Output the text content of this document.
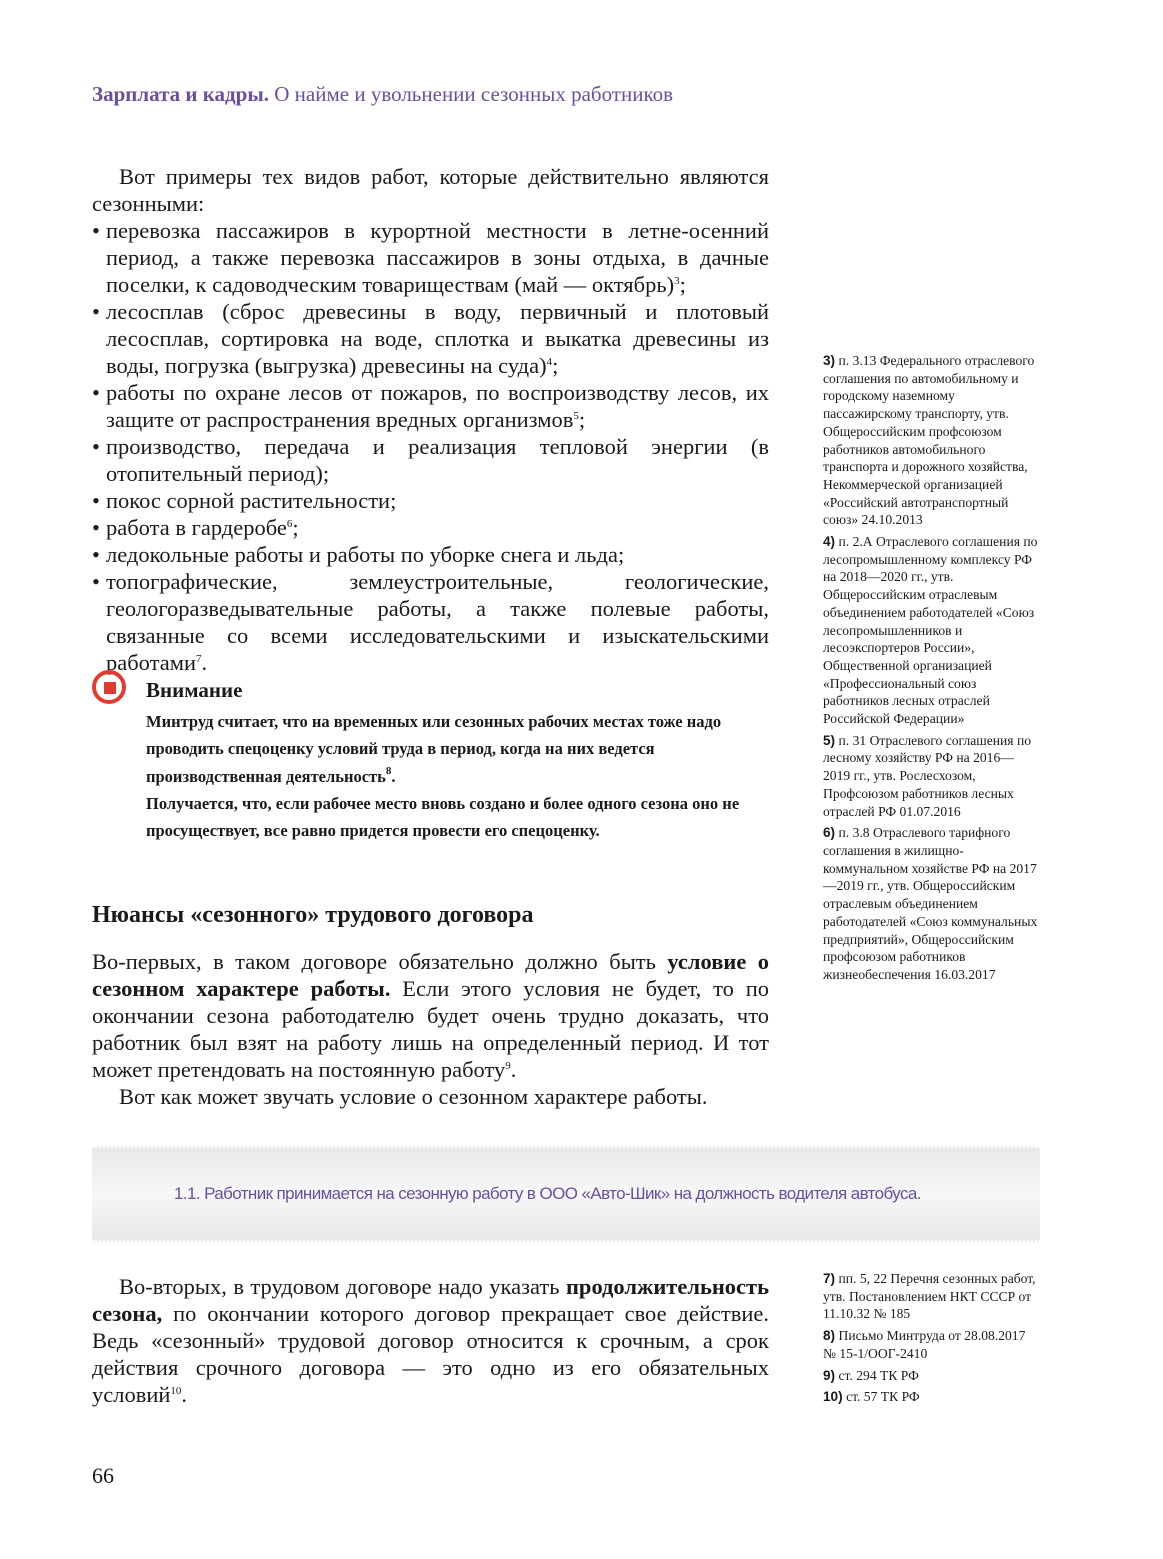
Зарплата и кадры. О найме и увольнении сезонных работников

Вот примеры тех видов работ, которые действительно являются сезонными:

• перевозка пассажиров в курортной местности в летне-осенний период, а также перевозка пассажиров в зоны отдыха, в дачные поселки, к садоводческим товариществам (май — октябрь)$^3$;
• лесосплав (сброс древесины в воду, первичный и плотовый лесосплав, сортировка на воде, сплотка и выкатка древесины из воды, погрузка (выгрузка) древесины на суда)$^4$;
• работы по охране лесов от пожаров, по воспроизводству лесов, их защите от распространения вредных организмов$^5$;
• производство, передача и реализация тепловой энергии (в отопительный период);
• покос сорной растительности;
• работа в гардеробе$^6$;
• ледокольные работы и работы по уборке снега и льда;
• топографические, землеустроительные, геологические, геологоразведывательные работы, а также полевые работы, связанные со всеми исследовательскими и изыскательскими работами$^7$.
Внимание
Минтруд считает, что на временных или сезонных рабочих местах тоже надо проводить спецоценку условий труда в период, когда на них ведется производственная деятельность$^8$.
Получается, что, если рабочее место вновь создано и более одного сезона оно не просуществует, все равно придется провести его спецоценку.
Нюансы «сезонного» трудового договора

Во-первых, в таком договоре обязательно должно быть условие о сезонном характере работы. Если этого условия не будет, то по окончании сезона работодателю будет очень трудно доказать, что работник был взят на работу лишь на определенный период. И тот может претендовать на постоянную работу$^9$.

Вот как может звучать условие о сезонном характере работы.

1.1. Работник принимается на сезонную работу в ООО «Авто-Шик» на должность водителя автобуса.

Во-вторых, в трудовом договоре надо указать продолжительность сезона, по окончании которого договор прекращает свое действие. Ведь «сезонный» трудовой договор относится к срочным, а срок действия срочного договора — это одно из его обязательных условий$^{10}$.

3) п. 3.13 Федерального отраслевого соглашения по автомобильному и городскому наземному пассажирскому транспорту, утв. Общероссийским профсоюзом работников автомобильного транспорта и дорожного хозяйства, Некоммерческой организацией «Российский автотранспортный союз» 24.10.2013
4) п. 2.А Отраслевого соглашения по лесопромышленному комплексу РФ на 2018—2020 гг., утв. Общероссийским отраслевым объединением работодателей «Союз лесопромышленников и лесоэкспортеров России», Общественной организацией «Профессиональный союз работников лесных отраслей Российской Федерации»
5) п. 31 Отраслевого соглашения по лесному хозяйству РФ на 2016—2019 гг., утв. Рослесхозом, Профсоюзом работников лесных отраслей РФ 01.07.2016
6) п. 3.8 Отраслевого тарифного соглашения в жилищно-коммунальном хозяйстве РФ на 2017—2019 гг., утв. Общероссийским отраслевым объединением работодателей «Союз коммунальных предприятий», Общероссийским профсоюзом работников жизнеобеспечения 16.03.2017
7) пп. 5, 22 Перечня сезонных работ, утв. Постановлением НКТ СССР от 11.10.32 № 185
8) Письмо Минтруда от 28.08.2017 № 15-1/ООГ-2410
9) ст. 294 ТК РФ
10) ст. 57 ТК РФ
66
